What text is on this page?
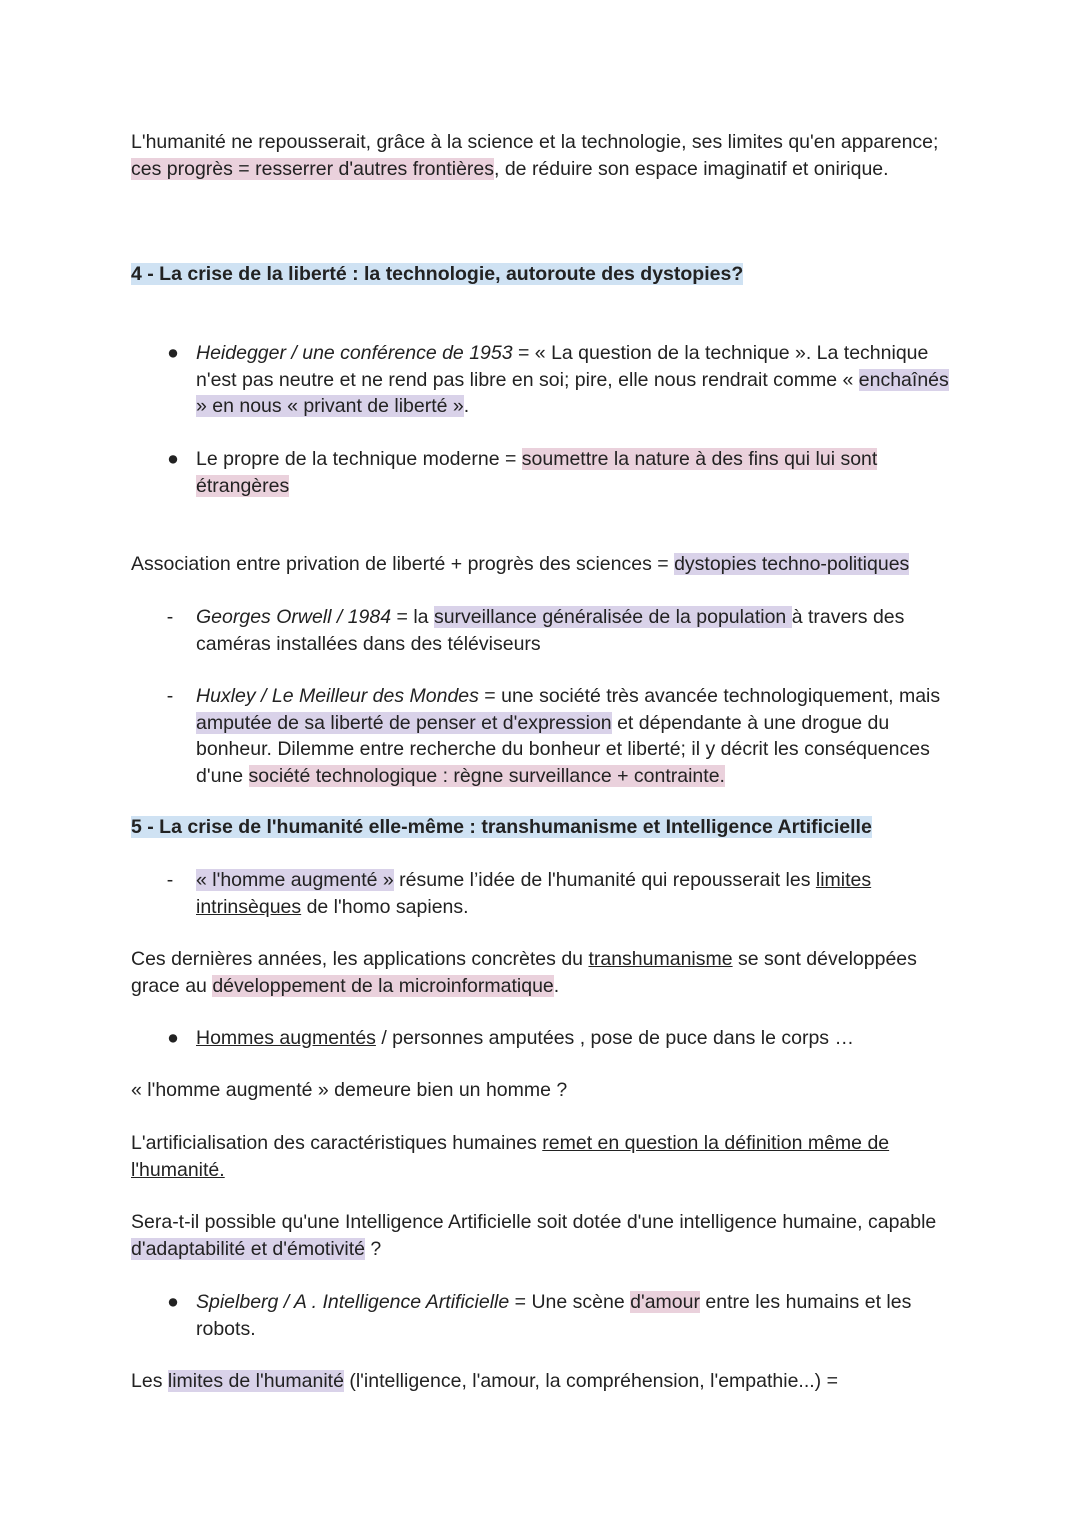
L'humanité ne repousserait, grâce à la science et la technologie, ses limites qu'en apparence; ces progrès = resserrer d'autres frontières, de réduire son espace imaginatif et onirique.

4 - La crise de la liberté : la technologie, autoroute des dystopies?

● Heidegger / une conférence de 1953 = « La question de la technique ». La technique n'est pas neutre et ne rend pas libre en soi; pire, elle nous rendrait comme « enchaînés » en nous « privant de liberté ».

● Le propre de la technique moderne = soumettre la nature à des fins qui lui sont étrangères

Association entre privation de liberté + progrès des sciences = dystopies techno-politiques

- Georges Orwell / 1984 = la surveillance généralisée de la population à travers des caméras installées dans des téléviseurs

- Huxley / Le Meilleur des Mondes = une société très avancée technologiquement, mais amputée de sa liberté de penser et d'expression et dépendante à une drogue du bonheur. Dilemme entre recherche du bonheur et liberté; il y décrit les conséquences d'une société technologique : règne surveillance + contrainte.

5 - La crise de l'humanité elle-même : transhumanisme et Intelligence Artificielle

- « l'homme augmenté » résume l’idée de l'humanité qui repousserait les limites intrinsèques de l'homo sapiens.

Ces dernières années, les applications concrètes du transhumanisme se sont développées grace au développement de la microinformatique.

● Hommes augmentés / personnes amputées , pose de puce dans le corps …

« l'homme augmenté » demeure bien un homme ?

L'artificialisation des caractéristiques humaines remet en question la définition même de l'humanité.

Sera-t-il possible qu'une Intelligence Artificielle soit dotée d'une intelligence humaine, capable d'adaptabilité et d'émotivité ?

● Spielberg / A . Intelligence Artificielle = Une scène d'amour entre les humains et les robots.

Les limites de l'humanité (l'intelligence, l'amour, la compréhension, l'empathie...) =
